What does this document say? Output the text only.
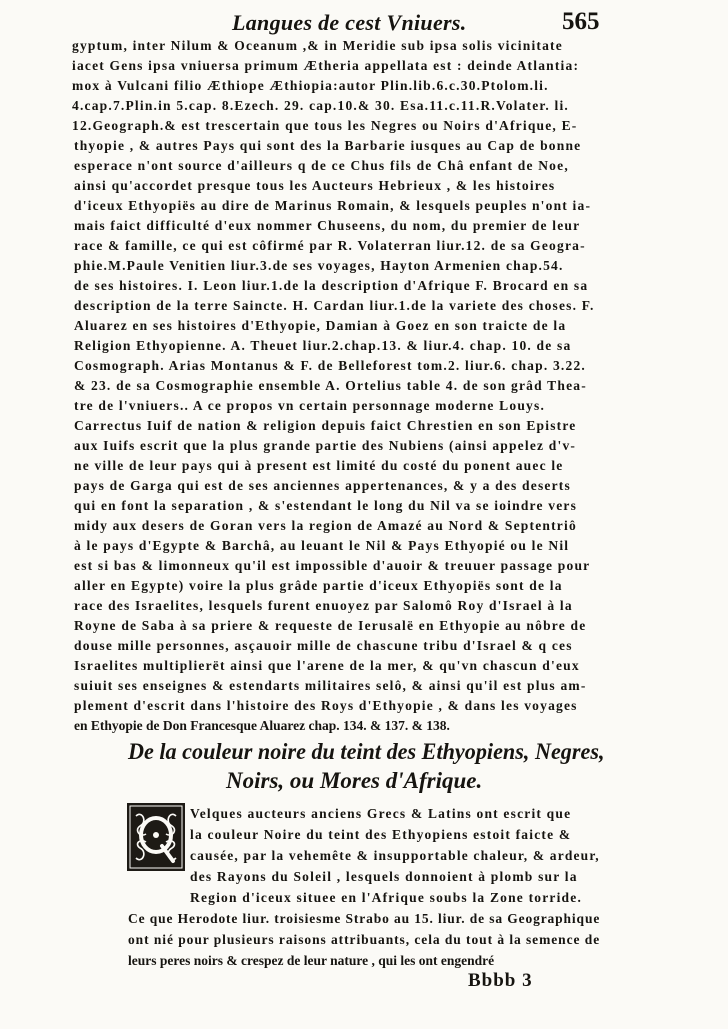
Langues de cest Vniuers.	565
gyptum, inter Nilum & Oceanum ,& in Meridie sub ipsa solis vicinitate
iacet Gens ipsa vniuersa primum Ætheria appellata est : deinde Atlantia:
mox à Vulcani filio Æthiope Æthiopia:autor Plin.lib.6.c.30.Ptolom.li.
4.cap.7.Plin.in 5.cap. 8.Ezech. 29. cap.10.& 30. Esa.11.c.11.R.Volater. li.
12.Geograph.& est trescertain que tous les Negres ou Noirs d'Afrique, E-
thyopie , & autres Pays qui sont des la Barbarie iusques au Cap de bonne
esperace n'ont source d'ailleurs q de ce Chus fils de Châ enfant de Noe,
ainsi qu'accordet presque tous les Aucteurs Hebrieux , & les histoires
d'iceux Ethyopiës au dire de Marinus Romain, & lesquels peuples n'ont ia-
mais faict difficulté d'eux nommer Chuseens, du nom, du premier de leur
race & famille, ce qui est côfirmé par R. Volaterran liur.12. de sa Geogra-
phie.M.Paule Venitien liur.3.de ses voyages, Hayton Armenien chap.54.
de ses histoires. I. Leon liur.1.de la description d'Afrique F. Brocard en sa
description de la terre Saincte. H. Cardan liur.1.de la variete des choses. F.
Aluarez en ses histoires d'Ethyopie, Damian à Goez en son traicte de la
Religion Ethyopienne. A. Theuet liur.2.chap.13. & liur.4. chap. 10. de sa
Cosmograph. Arias Montanus & F. de Belleforest tom.2. liur.6. chap. 3.22.
& 23. de sa Cosmographie ensemble A. Ortelius table 4. de son grâd Thea-
tre de l'vniuers.. A ce propos vn certain personnage moderne Louys.
Carrectus Iuif de nation & religion depuis faict Chrestien en son Epistre
aux Iuifs escrit que la plus grande partie des Nubiens (ainsi appelez d'v-
ne ville de leur pays qui à present est limité du costé du ponent auec le
pays de Garga qui est de ses anciennes appertenances, & y a des deserts
qui en font la separation , & s'estendant le long du Nil va se ioindre vers
midy aux desers de Goran vers la region de Amazé au Nord & Septentriô
à le pays d'Egypte & Barchâ, au leuant le Nil & Pays Ethyopié ou le Nil
est si bas & limonneux qu'il est impossible d'auoir & treuuer passage pour
aller en Egypte) voire la plus grâde partie d'iceux Ethyopiës sont de la
race des Israelites, lesquels furent enuoyez par Salomô Roy d'Israel à la
Royne de Saba à sa priere & requeste de Ierusalë en Ethyopie au nôbre de
douse mille personnes, asçauoir mille de chascune tribu d'Israel & q ces
Israelites multiplierët ainsi que l'arene de la mer, & qu'vn chascun d'eux
suiuit ses enseignes & estendarts militaires selô, & ainsi qu'il est plus am-
plement d'escrit dans l'histoire des Roys d'Ethyopie , & dans les voyages
en Ethyopie de Don Francesque Aluarez chap. 134. & 137. & 138.
De la couleur noire du teint des Ethyopiens, Negres,
Noirs, ou Mores d'Afrique.
Velques aucteurs anciens Grecs & Latins ont escrit que
la couleur Noire du teint des Ethyopiens estoit faicte &
causée, par la vehemête & insupportable chaleur, & ardeur,
des Rayons du Soleil , lesquels donnoient à plomb sur la
Region d'iceux situee en l'Afrique soubs la Zone torride.
Ce que Herodote liur. troisiesme Strabo au 15. liur. de sa Geographique
ont nié pour plusieurs raisons attribuants, cela du tout à la semence de
leurs peres noirs & crespez de leur nature , qui les ont engendré
Bbbb 3
